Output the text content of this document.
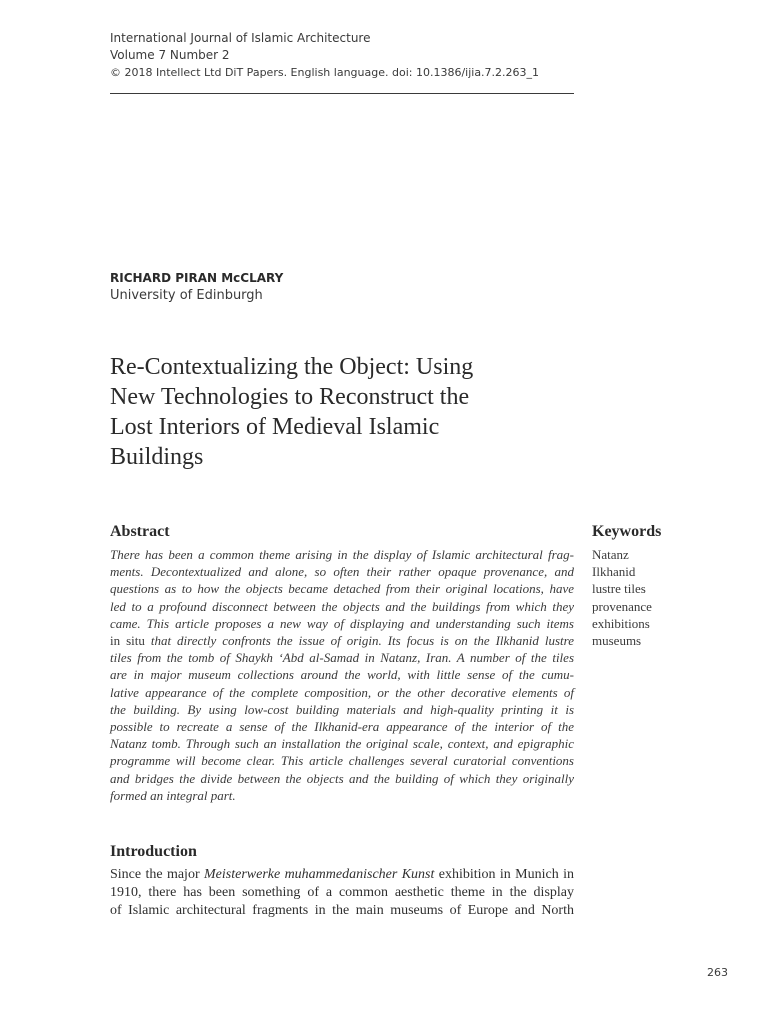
International Journal of Islamic Architecture
Volume 7 Number 2
© 2018 Intellect Ltd DiT Papers. English language. doi: 10.1386/ijia.7.2.263_1
RICHARD PIRAN McCLARY
University of Edinburgh
Re-Contextualizing the Object: Using
New Technologies to Reconstruct the
Lost Interiors of Medieval Islamic
Buildings
Abstract
There has been a common theme arising in the display of Islamic architectural frag-
ments. Decontextualized and alone, so often their rather opaque provenance, and
questions as to how the objects became detached from their original locations, have
led to a profound disconnect between the objects and the buildings from which they
came. This article proposes a new way of displaying and understanding such items
in situ that directly confronts the issue of origin. Its focus is on the Ilkhanid lustre
tiles from the tomb of Shaykh ‘Abd al-Samad in Natanz, Iran. A number of the tiles
are in major museum collections around the world, with little sense of the cumu-
lative appearance of the complete composition, or the other decorative elements of
the building. By using low-cost building materials and high-quality printing it is
possible to recreate a sense of the Ilkhanid-era appearance of the interior of the
Natanz tomb. Through such an installation the original scale, context, and epigraphic
programme will become clear. This article challenges several curatorial conventions
and bridges the divide between the objects and the building of which they originally
formed an integral part.
Keywords
Natanz
Ilkhanid
lustre tiles
provenance
exhibitions
museums
Introduction
Since the major Meisterwerke muhammedanischer Kunst exhibition in Munich in
1910, there has been something of a common aesthetic theme in the display
of Islamic architectural fragments in the main museums of Europe and North
263
